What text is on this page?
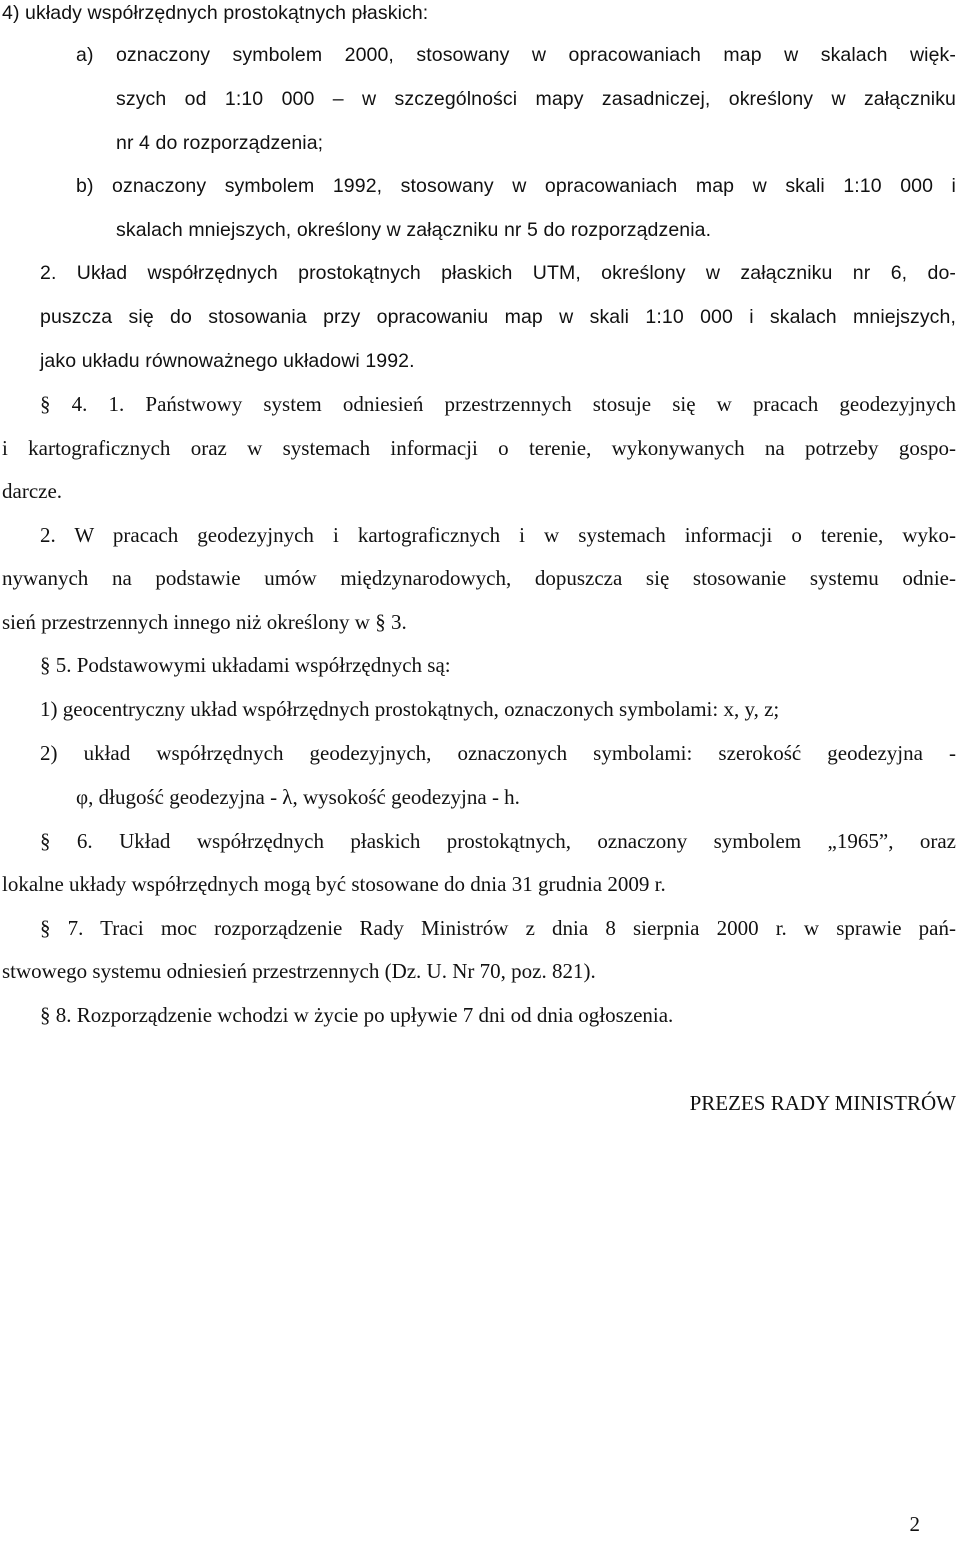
4) układy współrzędnych prostokątnych płaskich:
a) oznaczony symbolem 2000, stosowany w opracowaniach map w skalach więk-
szych od 1:10 000 – w szczególności mapy zasadniczej, określony w załączniku
nr 4 do rozporządzenia;
b) oznaczony symbolem 1992, stosowany w opracowaniach map w skali 1:10 000 i
skalach mniejszych, określony w załączniku nr 5 do rozporządzenia.
2. Układ współrzędnych prostokątnych płaskich UTM, określony w załączniku nr 6, do-
puszcza się do stosowania przy opracowaniu map w skali 1:10 000 i skalach mniejszych,
jako układu równoważnego układowi 1992.
§ 4. 1. Państwowy system odniesień przestrzennych stosuje się w pracach geodezyjnych
i kartograficznych oraz w systemach informacji o terenie, wykonywanych na potrzeby gospo-
darcze.
2. W pracach geodezyjnych i kartograficznych i w systemach informacji o terenie, wyko-
nywanych na podstawie umów międzynarodowych, dopuszcza się stosowanie systemu odnie-
sień przestrzennych innego niż określony w § 3.
§ 5. Podstawowymi układami współrzędnych są:
1) geocentryczny układ współrzędnych prostokątnych, oznaczonych symbolami: x, y, z;
2) układ współrzędnych geodezyjnych, oznaczonych symbolami: szerokość geodezyjna -
φ, długość geodezyjna - λ, wysokość geodezyjna - h.
§ 6. Układ współrzędnych płaskich prostokątnych, oznaczony symbolem „1965”, oraz
lokalne układy współrzędnych mogą być stosowane do dnia 31 grudnia 2009 r.
§ 7. Traci moc rozporządzenie Rady Ministrów z dnia 8 sierpnia 2000 r. w sprawie pań-
stwowego systemu odniesień przestrzennych (Dz. U. Nr 70, poz. 821).
§ 8. Rozporządzenie wchodzi w życie po upływie 7 dni od dnia ogłoszenia.
PREZES RADY MINISTRÓW
2
